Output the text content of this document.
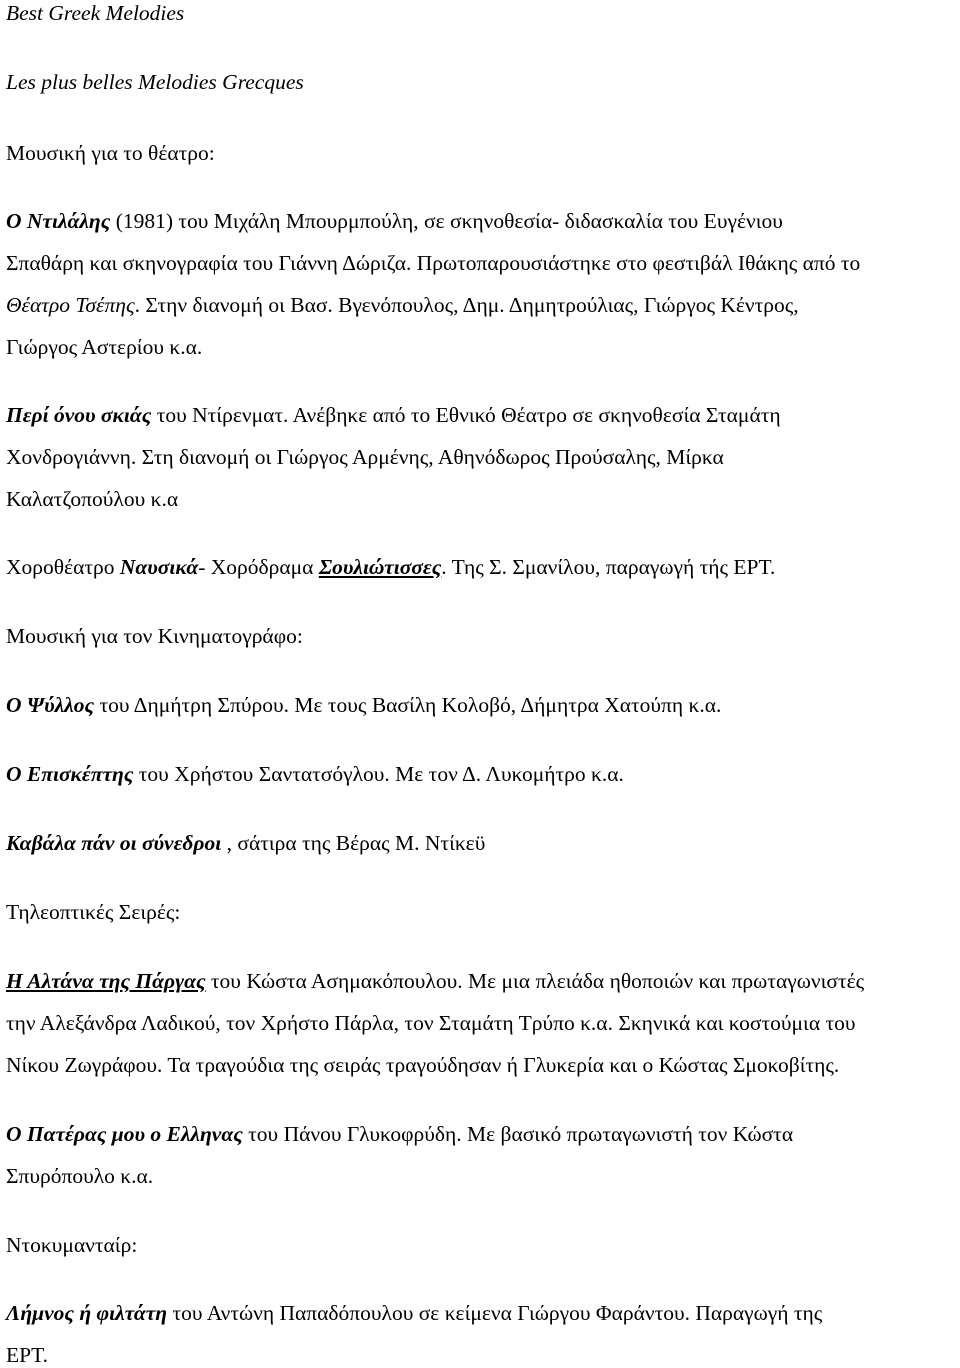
Best Greek Melodies
Les plus belles Melodies Grecques
Μουσική για το θέατρο:
Ο Ντιλάλης (1981) του Μιχάλη Μπουρμπούλη, σε σκηνοθεσία- διδασκαλία του Ευγένιου
Σπαθάρη και σκηνογραφία του Γιάννη Δώριζα. Πρωτοπαρουσιάστηκε στο φεστιβάλ Ιθάκης από το
Θέατρο Τσέπης. Στην διανομή οι Βασ. Βγενόπουλος, Δημ. Δημητρούλιας, Γιώργος Κέντρος,
Γιώργος Αστερίου κ.α.
Περί όνου σκιάς του Ντίρενματ. Ανέβηκε από το Εθνικό Θέατρο σε σκηνοθεσία Σταμάτη
Χονδρογιάννη. Στη διανομή οι Γιώργος Αρμένης, Αθηνόδωρος Προύσαλης, Μίρκα
Καλατζοπούλου κ.α
Χοροθέατρο Ναυσικά- Χορόδραμα Σουλιώτισσες. Της Σ. Σμανίλου, παραγωγή τής ΕΡΤ.
Μουσική για τον Κινηματογράφο:
Ο Ψύλλος του Δημήτρη Σπύρου. Με τους Βασίλη Κολοβό, Δήμητρα Χατούπη κ.α.
Ο Επισκέπτης του Χρήστου Σαντατσόγλου. Με τον Δ. Λυκομήτρο κ.α.
Καβάλα πάν οι σύνεδροι , σάτιρα της Βέρας Μ. Ντίκεϋ
Τηλεοπτικές Σειρές:
Η Αλτάνα της Πάργας του Κώστα Ασημακόπουλου. Με μια πλειάδα ηθοποιών και πρωταγωνιστές
την Αλεξάνδρα Λαδικού, τον Χρήστο Πάρλα, τον Σταμάτη Τρύπο κ.α. Σκηνικά και κοστούμια του
Νίκου Ζωγράφου. Τα τραγούδια της σειράς τραγούδησαν ή Γλυκερία και ο Κώστας Σμοκοβίτης.
Ο Πατέρας μου ο Ελληνας του Πάνου Γλυκοφρύδη. Με βασικό πρωταγωνιστή τον Κώστα
Σπυρόπουλο κ.α.
Ντοκυμανταίρ:
Λήμνος ή φιλτάτη του Αντώνη Παπαδόπουλου σε κείμενα Γιώργου Φαράντου. Παραγωγή της
ΕΡΤ.
